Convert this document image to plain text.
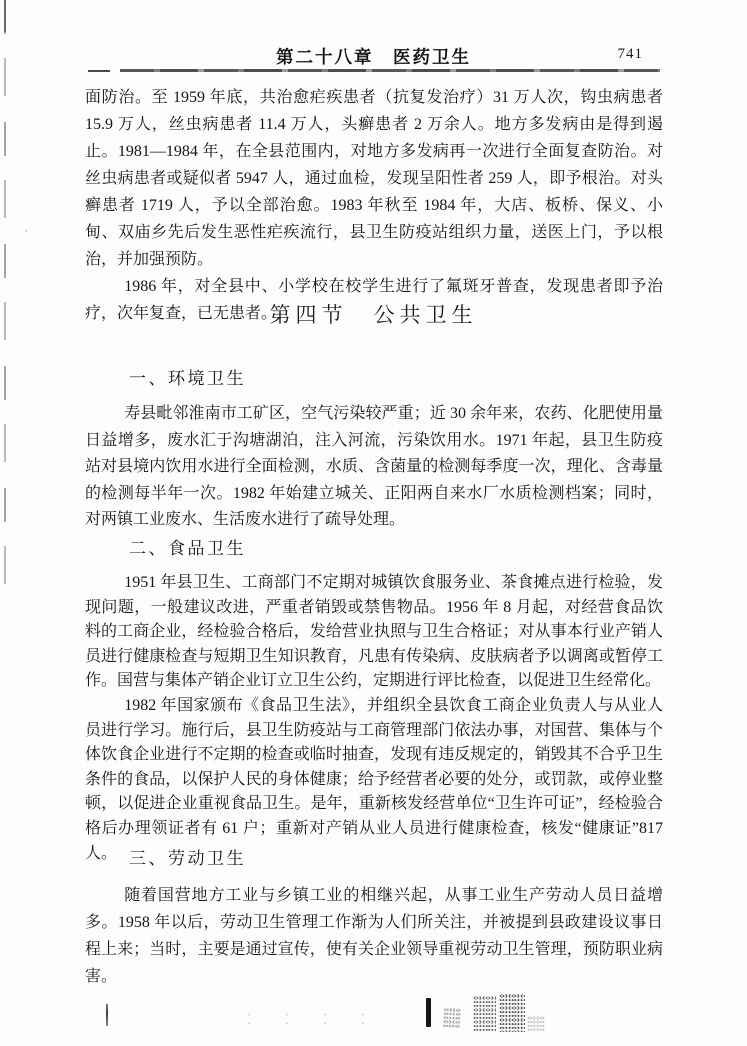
第二十八章　医药卫生	741

面防治。至 1959 年底，共治愈疟疾患者（抗复发治疗）31 万人次，钩虫病患者 15.9 万人，丝虫病患者 11.4 万人，头癣患者 2 万余人。地方多发病由是得到遏止。1981—1984 年，在全县范围内，对地方多发病再一次进行全面复查防治。对丝虫病患者或疑似者 5947 人，通过血检，发现呈阳性者 259 人，即予根治。对头癣患者 1719 人，予以全部治愈。1983 年秋至 1984 年，大店、板桥、保义、小甸、双庙乡先后发生恶性疟疾流行，县卫生防疫站组织力量，送医上门，予以根治，并加强预防。

1986 年，对全县中、小学校在校学生进行了氟斑牙普查，发现患者即予治疗，次年复查，已无患者。

第四节　公共卫生
一、环境卫生

寿县毗邻淮南市工矿区，空气污染较严重；近 30 余年来，农药、化肥使用量日益增多，废水汇于沟塘湖泊，注入河流，污染饮用水。1971 年起，县卫生防疫站对县境内饮用水进行全面检测，水质、含菌量的检测每季度一次，理化、含毒量的检测每半年一次。1982 年始建立城关、正阳两自来水厂水质检测档案；同时，对两镇工业废水、生活废水进行了疏导处理。

二、食品卫生

1951 年县卫生、工商部门不定期对城镇饮食服务业、茶食摊点进行检验，发现问题，一般建议改进，严重者销毁或禁售物品。1956 年 8 月起，对经营食品饮料的工商企业，经检验合格后，发给营业执照与卫生合格证；对从事本行业产销人员进行健康检查与短期卫生知识教育，凡患有传染病、皮肤病者予以调离或暂停工作。国营与集体产销企业订立卫生公约，定期进行评比检查，以促进卫生经常化。

1982 年国家颁布《食品卫生法》，并组织全县饮食工商企业负责人与从业人员进行学习。施行后，县卫生防疫站与工商管理部门依法办事，对国营、集体与个体饮食企业进行不定期的检查或临时抽查，发现有违反规定的，销毁其不合乎卫生条件的食品，以保护人民的身体健康；给予经营者必要的处分，或罚款，或停业整顿，以促进企业重视食品卫生。是年，重新核发经营单位“卫生许可证”，经检验合格后办理领证者有 61 户；重新对产销从业人员进行健康检查，核发“健康证”817 人。 三、劳动卫生

随着国营地方工业与乡镇工业的相继兴起，从事工业生产劳动人员日益增多。1958 年以后，劳动卫生管理工作渐为人们所关注，并被提到县政建设议事日程上来；当时，主要是通过宣传，使有关企业领导重视劳动卫生管理，预防职业病害。
